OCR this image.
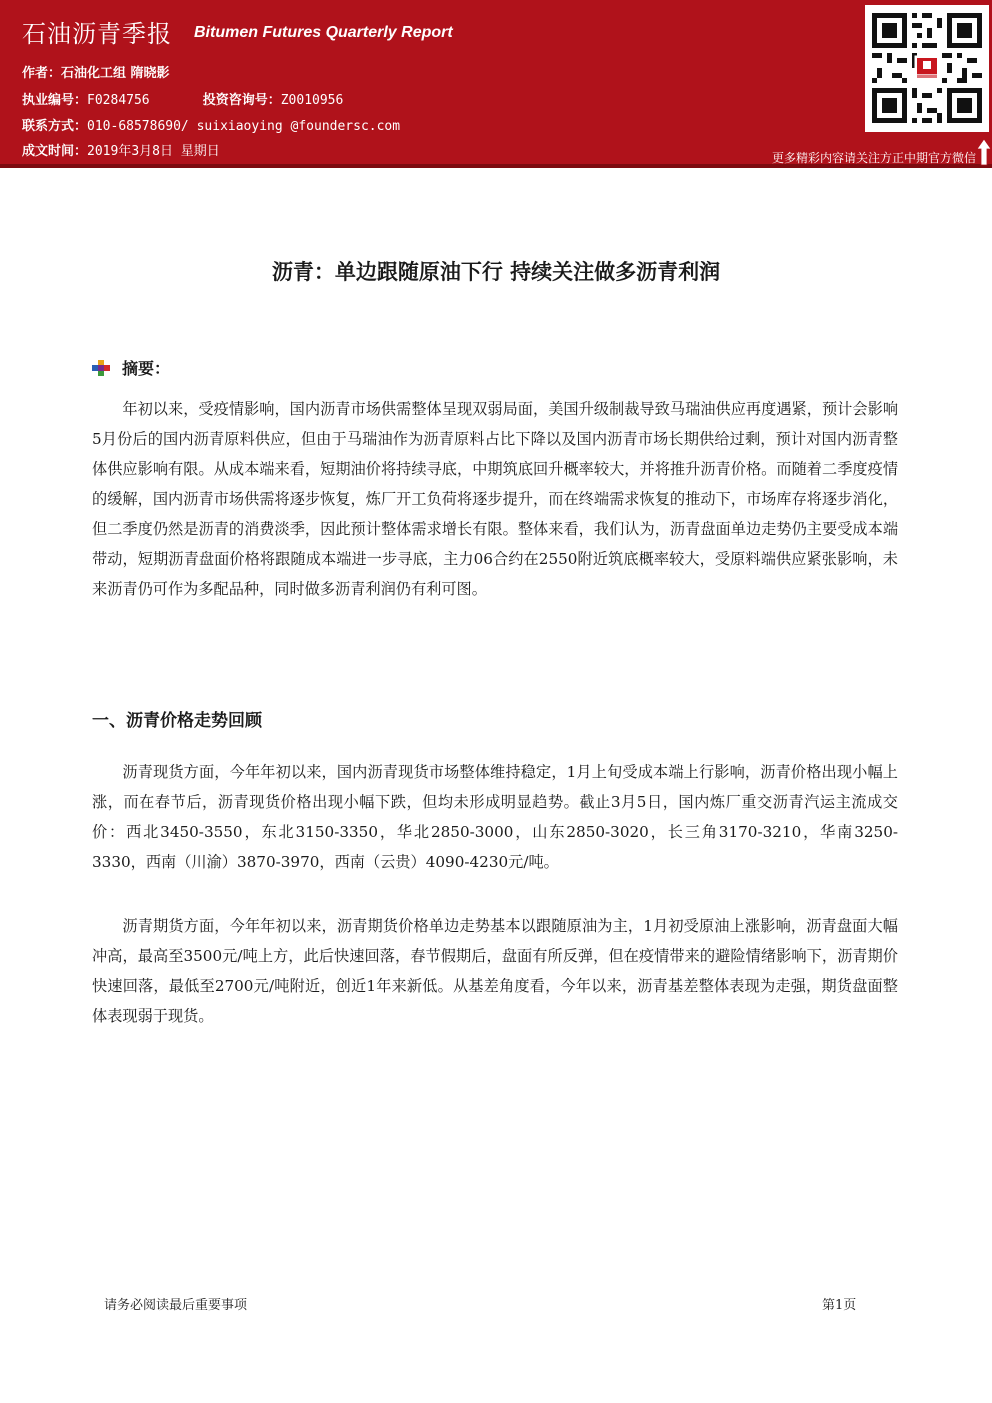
石油沥青季报 Bitumen Futures Quarterly Report
作者：石油化工组 隋晓影
执业编号：F0284756	投资咨询号：Z0010956
联系方式：010-68578690/ suixiaoying @foundersc.com
成文时间：2019年3月8日 星期日	更多精彩内容请关注方正中期官方微信
沥青：单边跟随原油下行 持续关注做多沥青利润
摘要：

年初以来，受疫情影响，国内沥青市场供需整体呈现双弱局面，美国升级制裁导致马瑞油供应再度遇紧，预计会影响5月份后的国内沥青原料供应，但由于马瑞油作为沥青原料占比下降以及国内沥青市场长期供给过剩，预计对国内沥青整体供应影响有限。从成本端来看，短期油价将持续寻底，中期筑底回升概率较大，并将推升沥青价格。而随着二季度疫情的缓解，国内沥青市场供需将逐步恢复，炼厂开工负荷将逐步提升，而在终端需求恢复的推动下，市场库存将逐步消化，但二季度仍然是沥青的消费淡季，因此预计整体需求增长有限。整体来看，我们认为，沥青盘面单边走势仍主要受成本端带动，短期沥青盘面价格将跟随成本端进一步寻底，主力06合约在2550附近筑底概率较大，受原料端供应紧张影响，未来沥青仍可作为多配品种，同时做多沥青利润仍有利可图。

一、沥青价格走势回顾

沥青现货方面，今年年初以来，国内沥青现货市场整体维持稳定，1月上旬受成本端上行影响，沥青价格出现小幅上涨，而在春节后，沥青现货价格出现小幅下跌，但均未形成明显趋势。截止3月5日，国内炼厂重交沥青汽运主流成交价：西北3450-3550，东北3150-3350，华北2850-3000，山东2850-3020，长三角3170-3210，华南3250-3330，西南（川渝）3870-3970，西南（云贵）4090-4230元/吨。

沥青期货方面，今年年初以来，沥青期货价格单边走势基本以跟随原油为主，1月初受原油上涨影响，沥青盘面大幅冲高，最高至3500元/吨上方，此后快速回落，春节假期后，盘面有所反弹，但在疫情带来的避险情绪影响下，沥青期价快速回落，最低至2700元/吨附近，创近1年来新低。从基差角度看，今年以来，沥青基差整体表现为走强，期货盘面整体表现弱于现货。

请务必阅读最后重要事项	第1页
